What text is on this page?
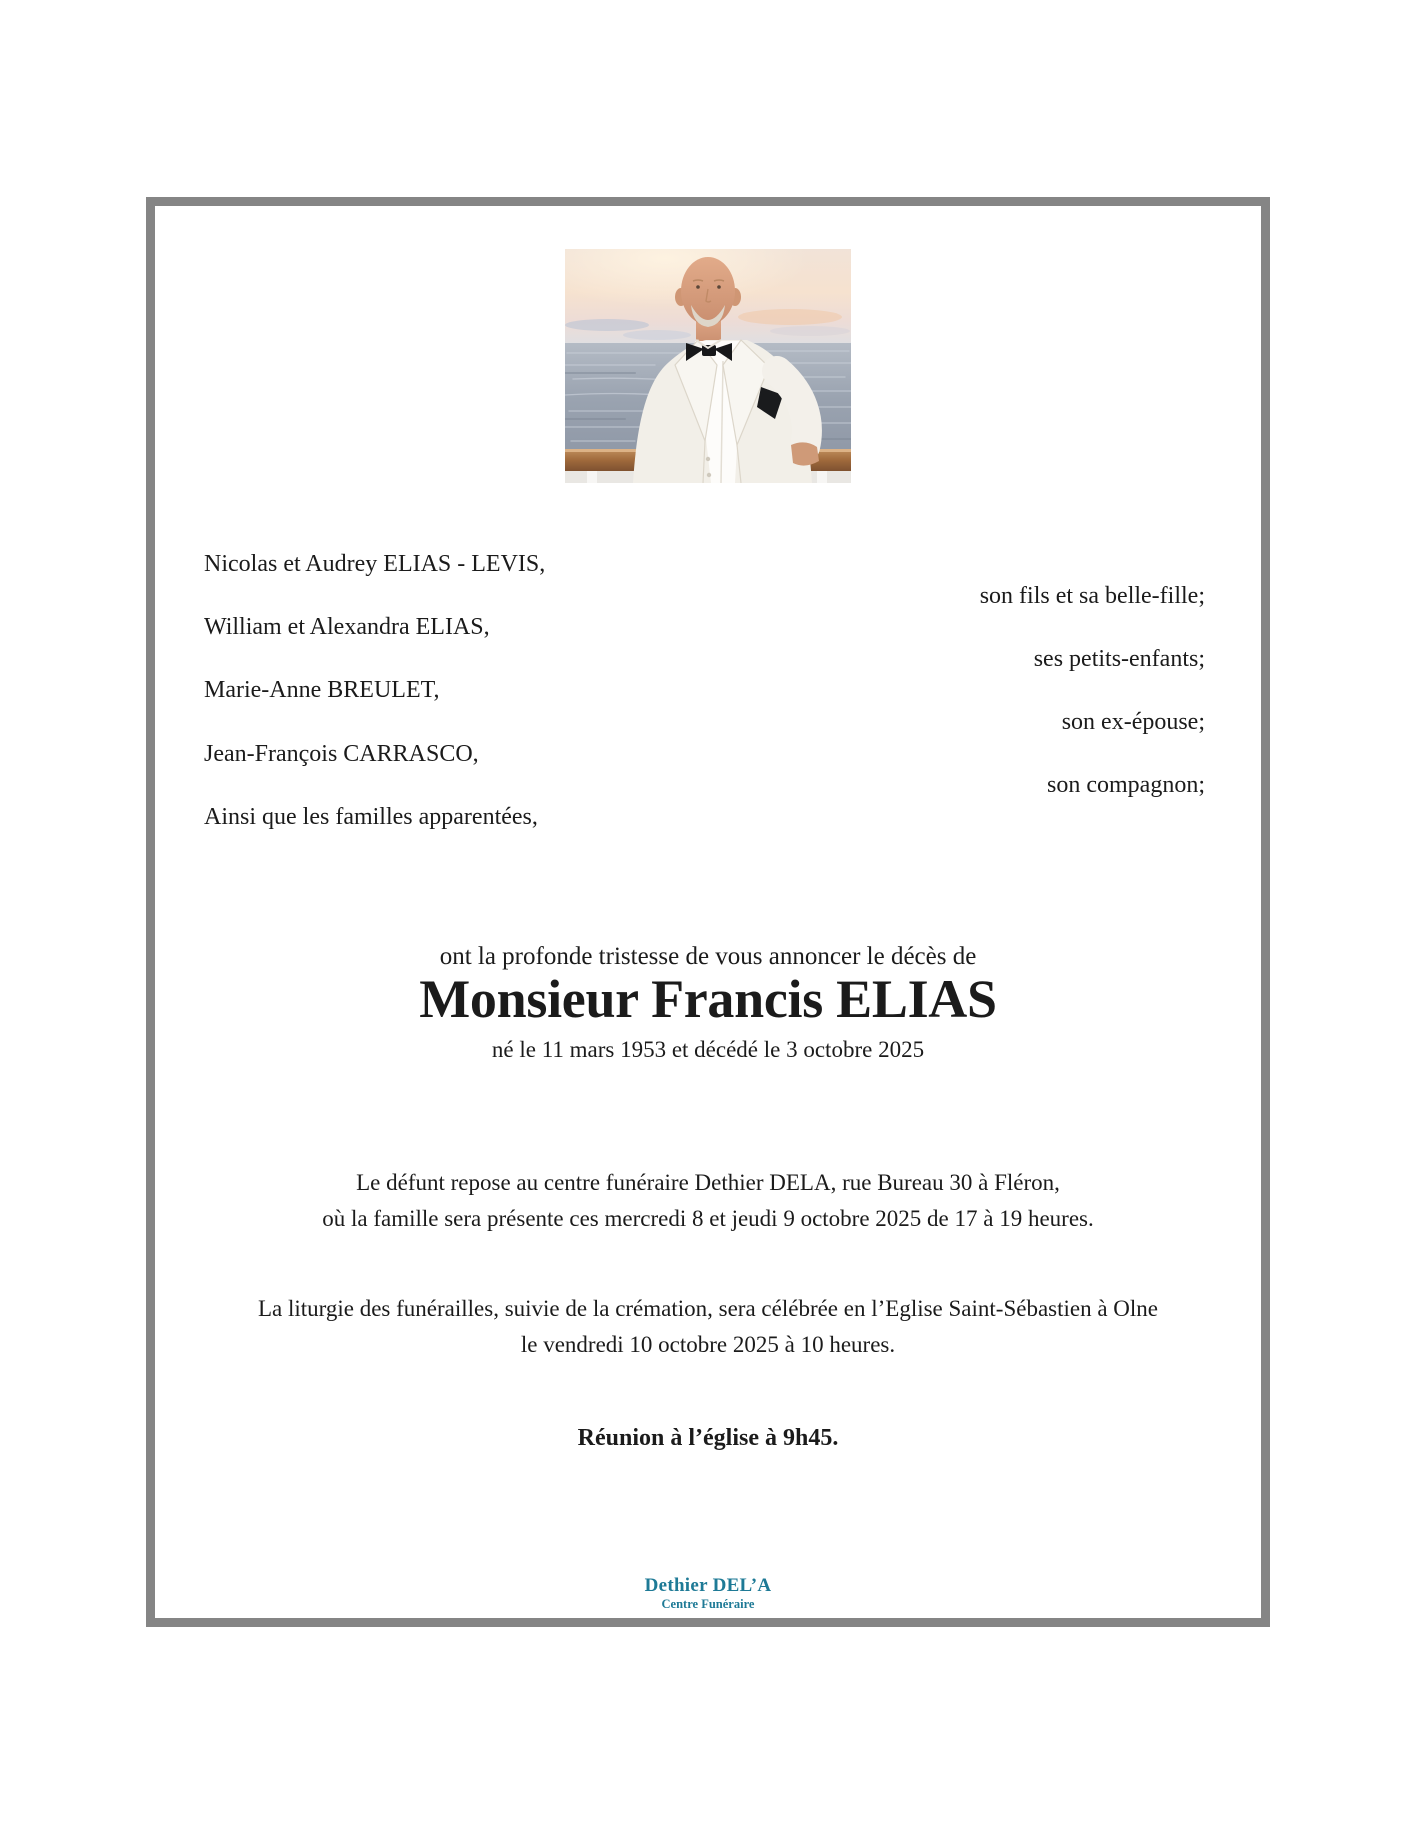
Nicolas et Audrey ELIAS - LEVIS,
son fils et sa belle-fille;
William et Alexandra ELIAS,
ses petits-enfants;
Marie-Anne BREULET,
son ex-épouse;
Jean-François CARRASCO,
son compagnon;
Ainsi que les familles apparentées,
ont la profonde tristesse de vous annoncer le décès de
Monsieur Francis ELIAS
né le 11 mars 1953 et décédé le 3 octobre 2025
Le défunt repose au centre funéraire Dethier DELA, rue Bureau 30 à Fléron,
où la famille sera présente ces mercredi 8 et jeudi 9 octobre 2025 de 17 à 19 heures.
La liturgie des funérailles, suivie de la crémation, sera célébrée en l’Eglise Saint-Sébastien à Olne
le vendredi 10 octobre 2025 à 10 heures.
Réunion à l’église à 9h45.
Dethier DEL’A
Centre Funéraire
